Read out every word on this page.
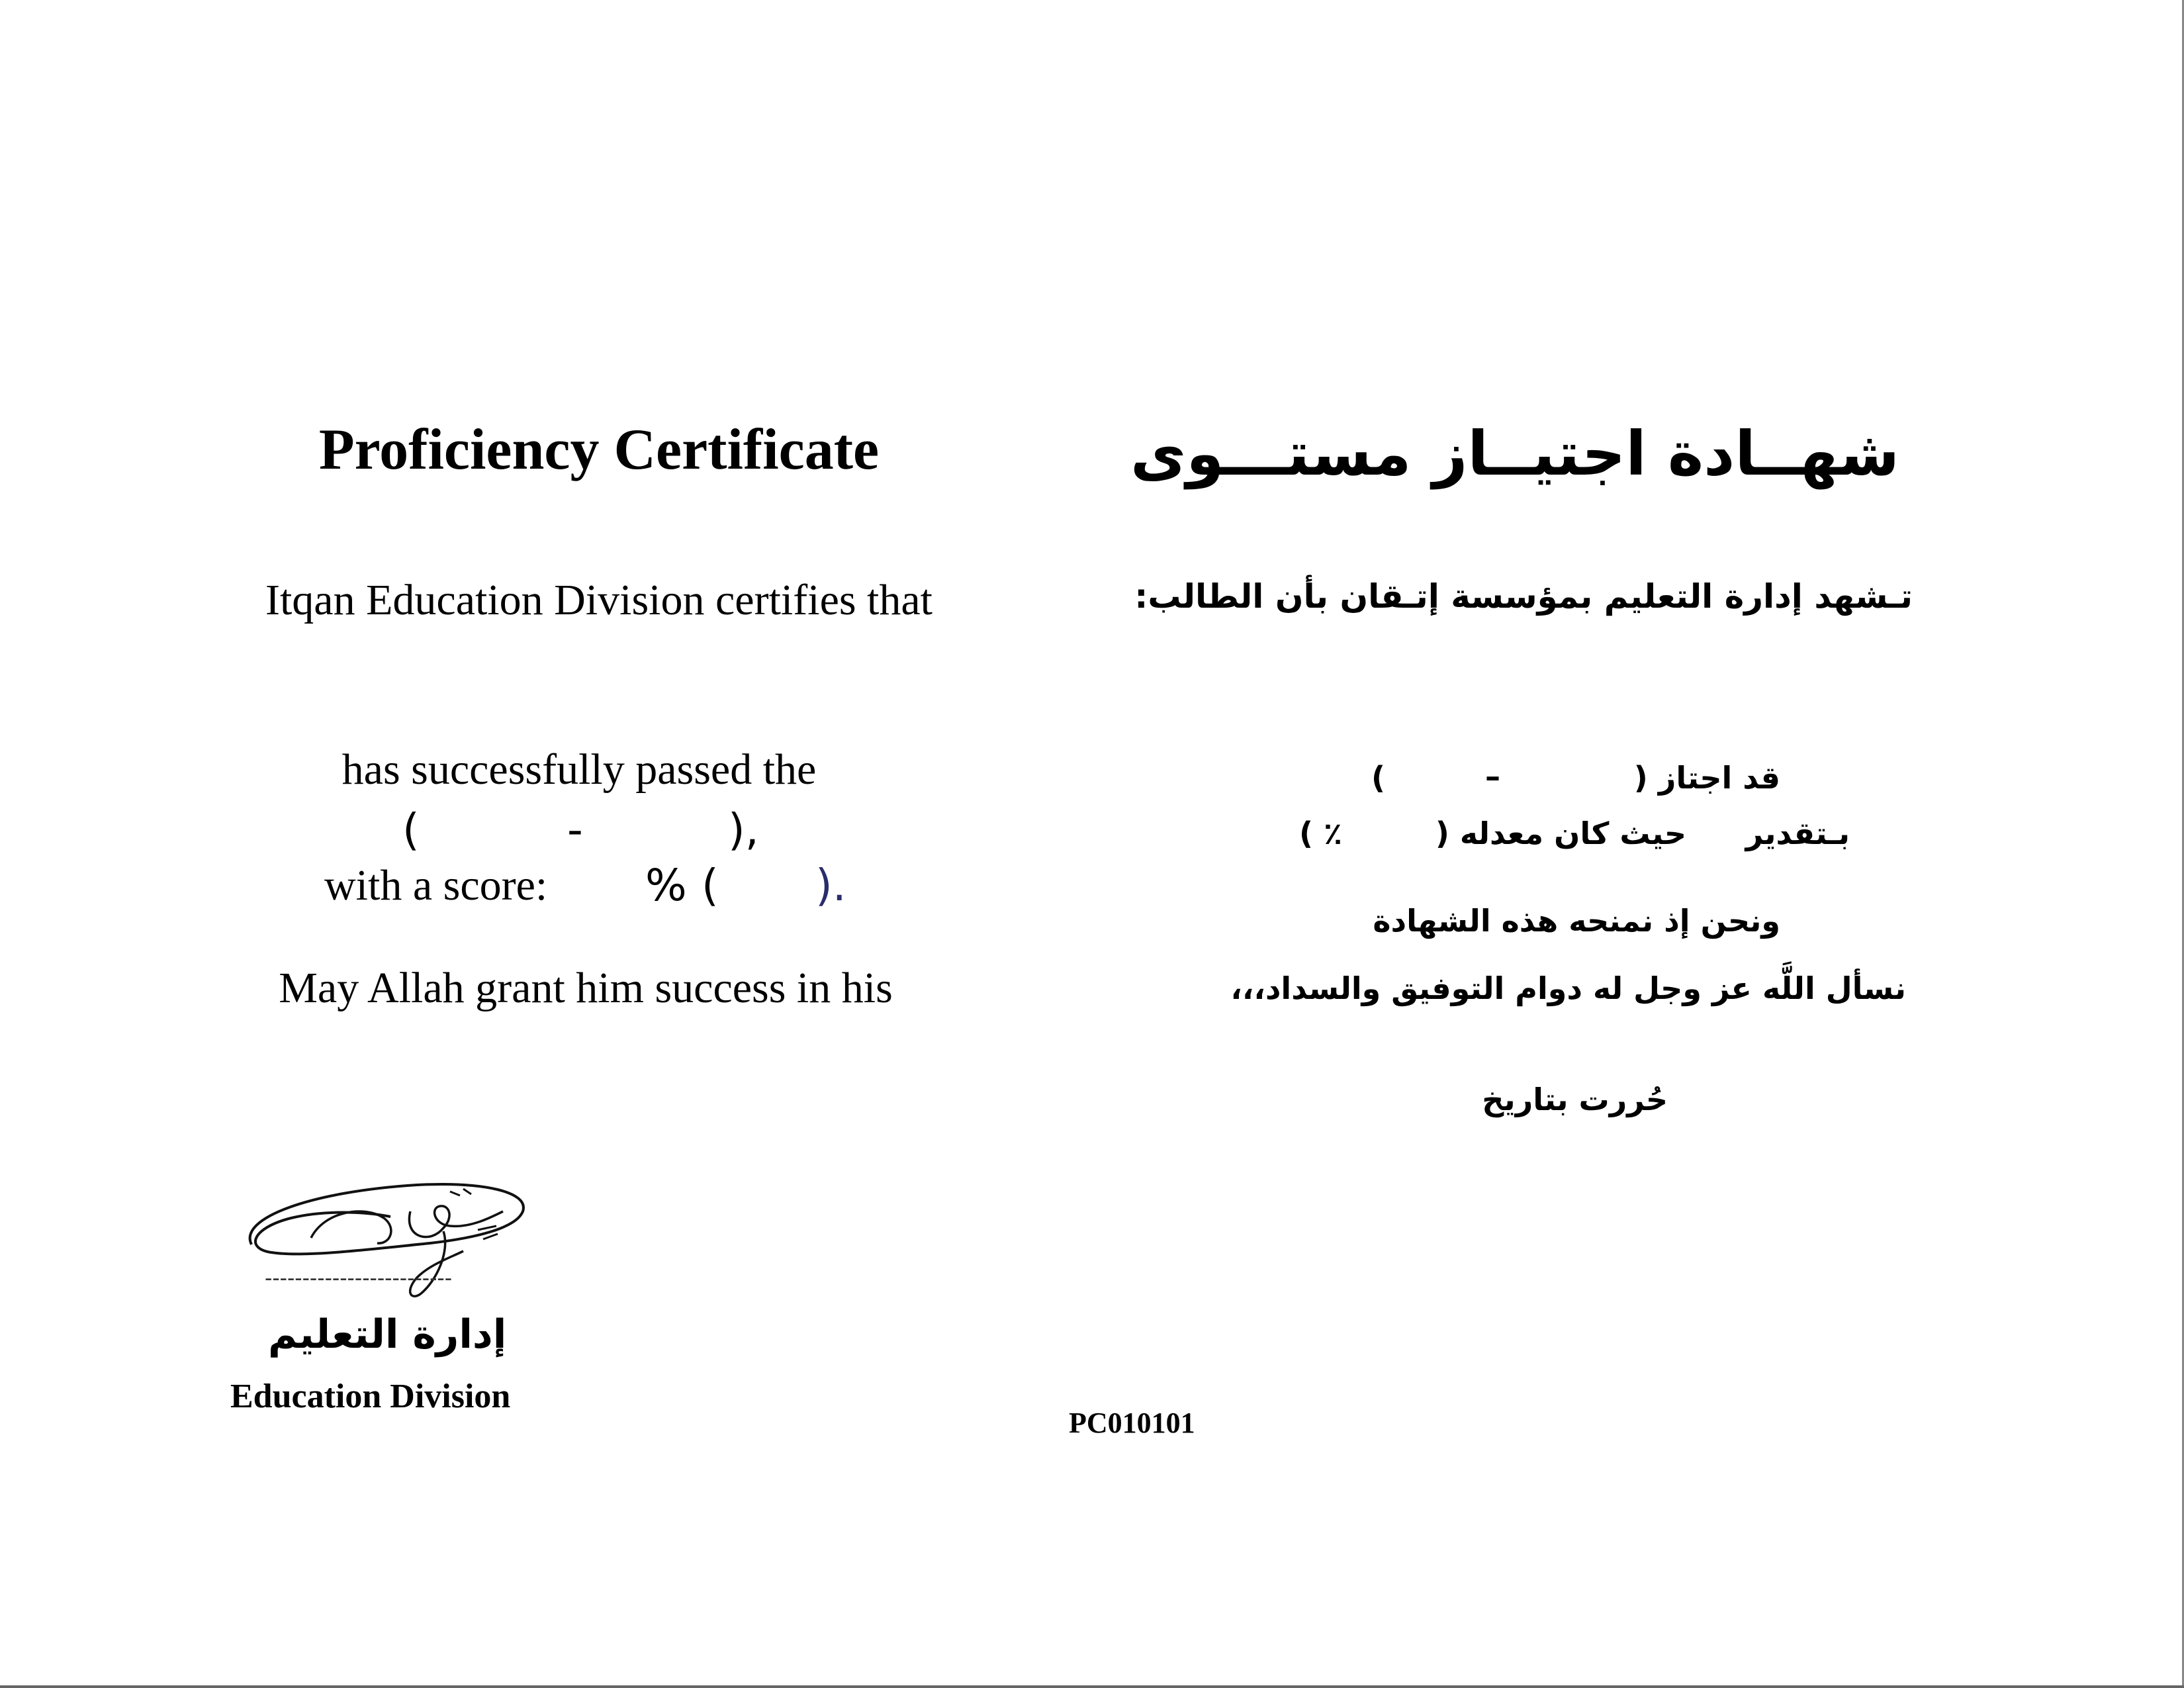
Proficiency Certificate
Itqan Education Division certifies that
has successfully passed the
(	-	),
with a score: % ( ).
May Allah grant him success in his
شهــادة اجتيــاز مستـــوى
تـشهد إدارة التعليم بمؤسسة إتـقان بأن الطالب:
قد اجتاز (
)	–
بـتقدير
حيث كان معدله (
٪ )
ونحن إذ نمنحه هذه الشهادة
نسأل اللَّه عز وجل له دوام التوفيق والسداد،،،
حُررت بتاريخ
-------------------------
إدارة التعليم
Education Division
PC010101
